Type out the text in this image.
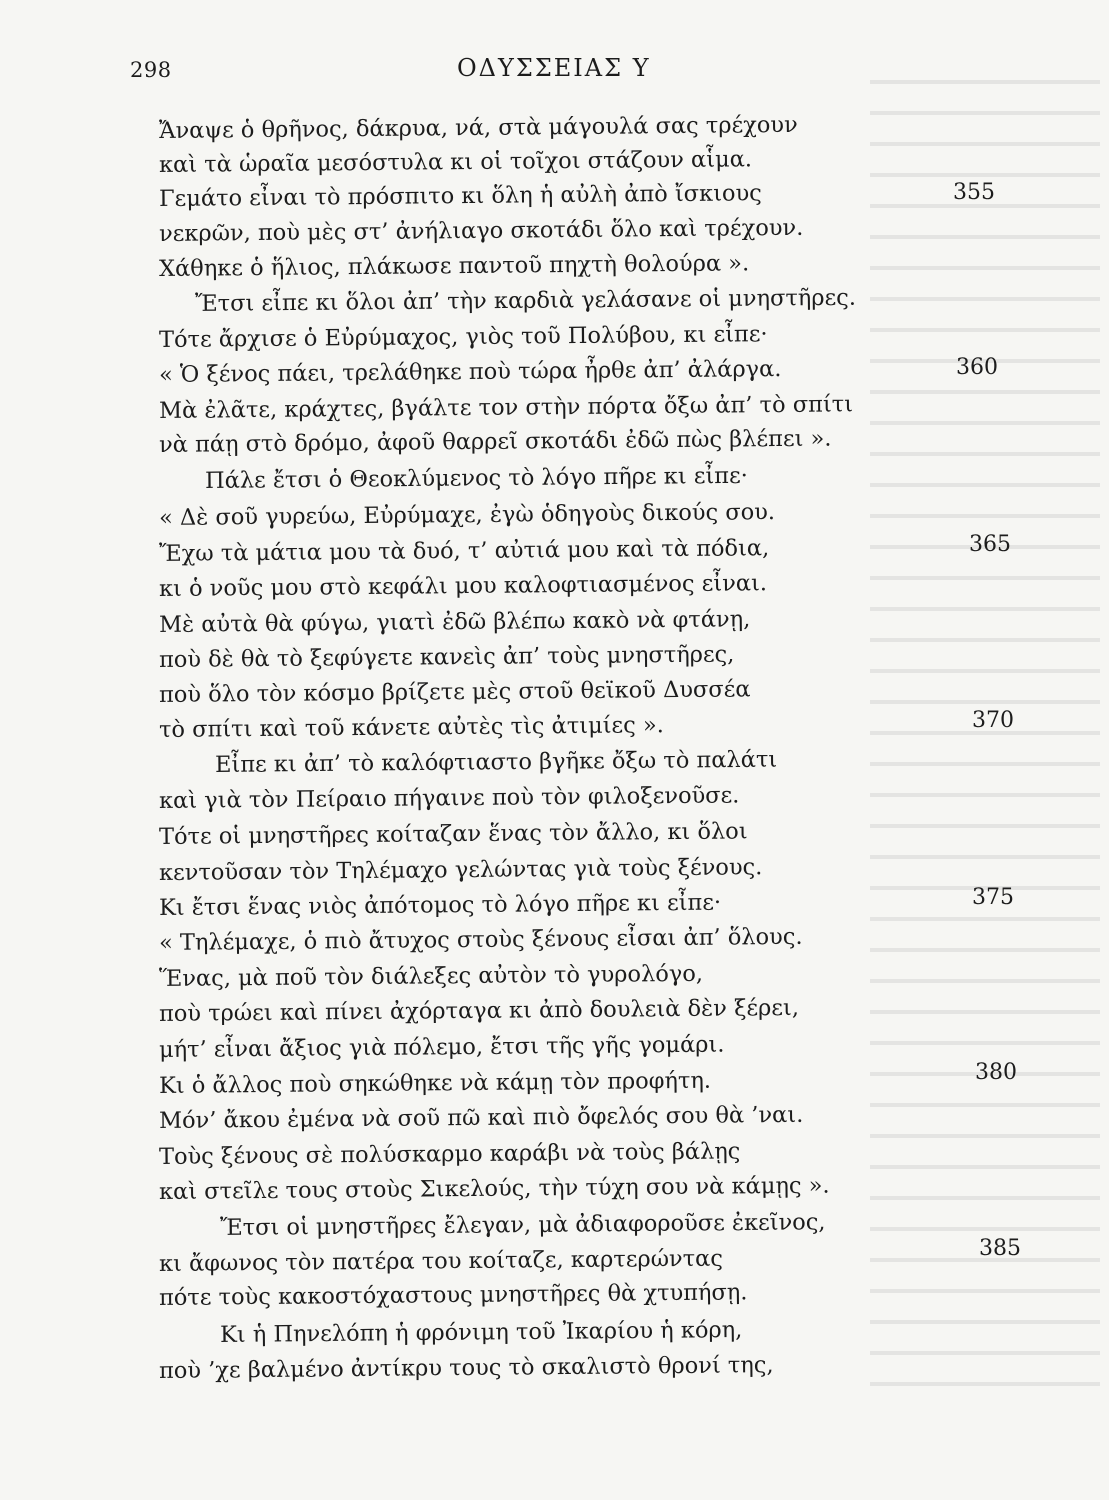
298	ΟΔΥΣΣΕΙΑΣ Υ
Ἄναψε ὁ θρῆνος, δάκρυα, νά, στὰ μάγουλά σας τρέχουν
καὶ τὰ ὡραῖα μεσόστυλα κι οἱ τοῖχοι στάζουν αἷμα.
Γεμάτο εἶναι τὸ πρόσπιτο κι ὅλη ἡ αὐλὴ ἀπὸ ἴσκιους
νεκρῶν, ποὺ μὲς στ’ ἀνήλιαγο σκοτάδι ὅλο καὶ τρέχουν.
Χάθηκε ὁ ἥλιος, πλάκωσε παντοῦ πηχτὴ θολούρα ».
Ἔτσι εἶπε κι ὅλοι ἀπ’ τὴν καρδιὰ γελάσανε οἱ μνηστῆρες.
Τότε ἄρχισε ὁ Εὐρύμαχος, γιὸς τοῦ Πολύβου, κι εἶπε·
« Ὁ ξένος πάει, τρελάθηκε ποὺ τώρα ἦρθε ἀπ’ ἀλάργα.
Μὰ ἐλᾶτε, κράχτες, βγάλτε τον στὴν πόρτα ὄξω ἀπ’ τὸ σπίτι
νὰ πάῃ στὸ δρόμο, ἀφοῦ θαρρεῖ σκοτάδι ἐδῶ πὼς βλέπει ».
Πάλε ἔτσι ὁ Θεοκλύμενος τὸ λόγο πῆρε κι εἶπε·
« Δὲ σοῦ γυρεύω, Εὐρύμαχε, ἐγὼ ὁδηγοὺς δικούς σου.
Ἔχω τὰ μάτια μου τὰ δυό, τ’ αὐτιά μου καὶ τὰ πόδια,
κι ὁ νοῦς μου στὸ κεφάλι μου καλοφτιασμένος εἶναι.
Μὲ αὐτὰ θὰ φύγω, γιατὶ ἐδῶ βλέπω κακὸ νὰ φτάνῃ,
ποὺ δὲ θὰ τὸ ξεφύγετε κανεὶς ἀπ’ τοὺς μνηστῆρες,
ποὺ ὅλο τὸν κόσμο βρίζετε μὲς στοῦ θεϊκοῦ Δυσσέα
τὸ σπίτι καὶ τοῦ κάνετε αὐτὲς τὶς ἀτιμίες ».
Εἶπε κι ἀπ’ τὸ καλόφτιαστο βγῆκε ὄξω τὸ παλάτι
καὶ γιὰ τὸν Πείραιο πήγαινε ποὺ τὸν φιλοξενοῦσε.
Τότε οἱ μνηστῆρες κοίταζαν ἕνας τὸν ἄλλο, κι ὅλοι
κεντοῦσαν τὸν Τηλέμαχο γελώντας γιὰ τοὺς ξένους.
Κι ἔτσι ἕνας νιὸς ἀπότομος τὸ λόγο πῆρε κι εἶπε·
« Τηλέμαχε, ὁ πιὸ ἄτυχος στοὺς ξένους εἶσαι ἀπ’ ὅλους.
Ἕνας, μὰ ποῦ τὸν διάλεξες αὐτὸν τὸ γυρολόγο,
ποὺ τρώει καὶ πίνει ἀχόρταγα κι ἀπὸ δουλειὰ δὲν ξέρει,
μήτ’ εἶναι ἄξιος γιὰ πόλεμο, ἔτσι τῆς γῆς γομάρι.
Κι ὁ ἄλλος ποὺ σηκώθηκε νὰ κάμῃ τὸν προφήτη.
Μόν’ ἄκου ἐμένα νὰ σοῦ πῶ καὶ πιὸ ὄφελός σου θὰ ’ναι.
Τοὺς ξένους σὲ πολύσκαρμο καράβι νὰ τοὺς βάλῃς
καὶ στεῖλε τους στοὺς Σικελούς, τὴν τύχη σου νὰ κάμῃς ».
Ἔτσι οἱ μνηστῆρες ἔλεγαν, μὰ ἀδιαφοροῦσε ἐκεῖνος,
κι ἄφωνος τὸν πατέρα του κοίταζε, καρτερώντας
πότε τοὺς κακοστόχαστους μνηστῆρες θὰ χτυπήσῃ.
Κι ἡ Πηνελόπη ἡ φρόνιμη τοῦ Ἰκαρίου ἡ κόρη,
ποὺ ’χε βαλμένο ἀντίκρυ τους τὸ σκαλιστὸ θρονί της,
355
360
365
370
375
380
385
